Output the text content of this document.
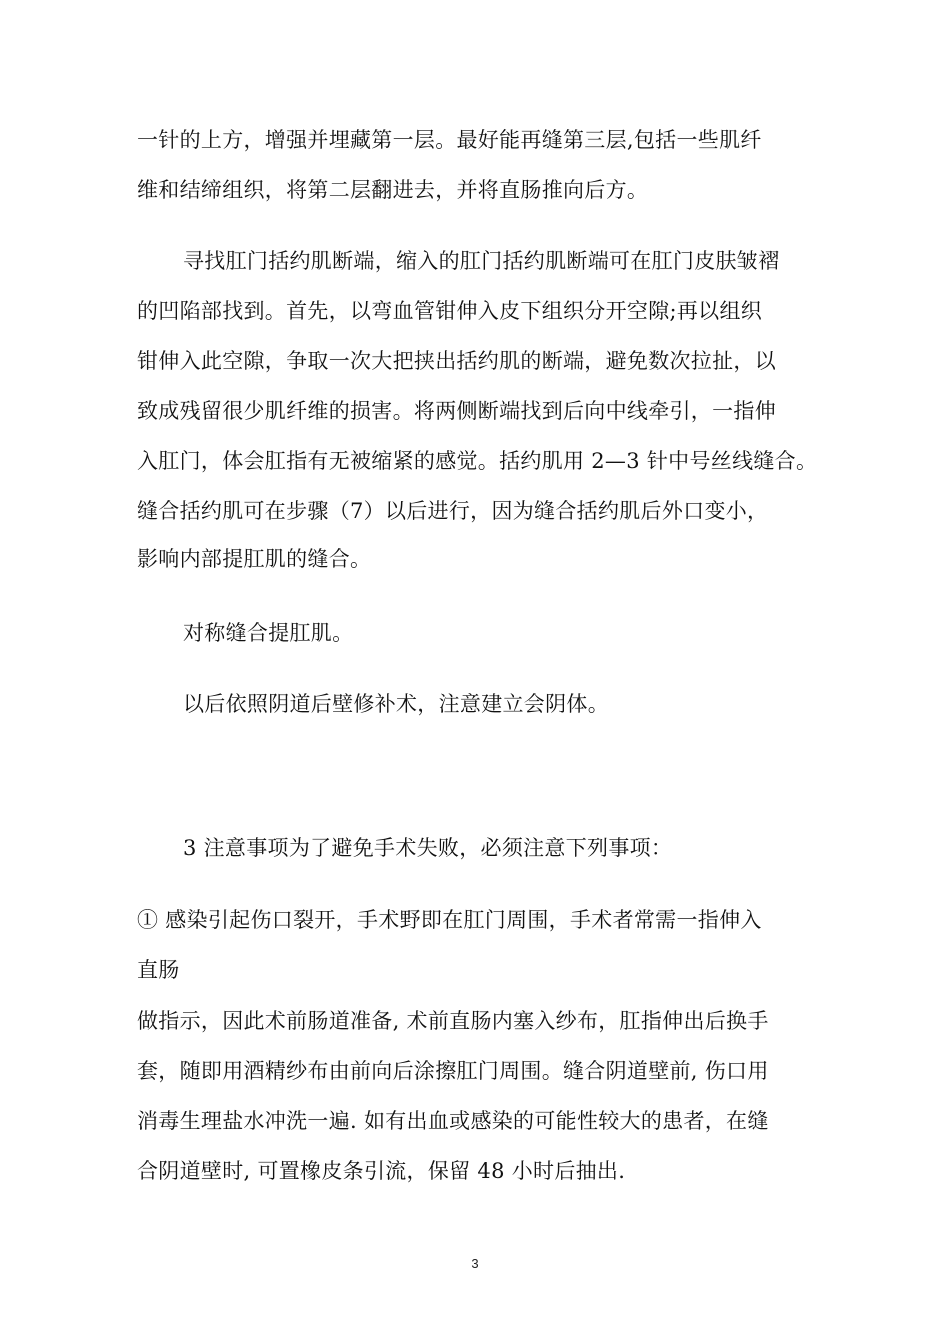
一针的上方，增强并埋藏第一层。最好能再缝第三层,包括一些肌纤
维和结缔组织，将第二层翻进去，并将直肠推向后方。
寻找肛门括约肌断端，缩入的肛门括约肌断端可在肛门皮肤皱褶
的凹陷部找到。首先，以弯血管钳伸入皮下组织分开空隙;再以组织
钳伸入此空隙，争取一次大把挟出括约肌的断端，避免数次拉扯，以
致成残留很少肌纤维的损害。将两侧断端找到后向中线牵引，一指伸
入肛门，体会肛指有无被缩紧的感觉。括约肌用 2—3 针中号丝线缝合。
缝合括约肌可在步骤（7）以后进行，因为缝合括约肌后外口变小，
影响内部提肛肌的缝合。
对称缝合提肛肌。
以后依照阴道后壁修补术，注意建立会阴体。
3 注意事项为了避免手术失败，必须注意下列事项：
① 感染引起伤口裂开，手术野即在肛门周围，手术者常需一指伸入
直肠
做指示，因此术前肠道准备, 术前直肠内塞入纱布，肛指伸出后换手
套，随即用酒精纱布由前向后涂擦肛门周围。缝合阴道壁前, 伤口用
消毒生理盐水冲洗一遍. 如有出血或感染的可能性较大的患者，在缝
合阴道壁时, 可置橡皮条引流，保留 48 小时后抽出.
3
